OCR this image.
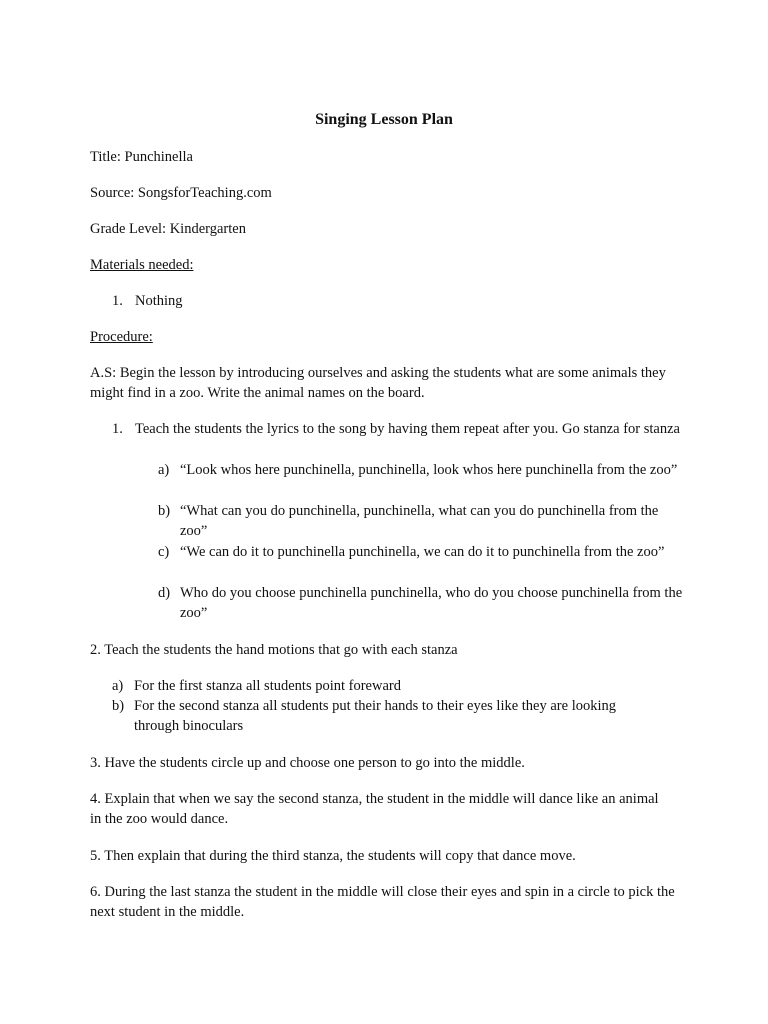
Singing Lesson Plan

Title: Punchinella

Source: SongsforTeaching.com

Grade Level: Kindergarten

Materials needed:

1. Nothing

Procedure:

A.S: Begin the lesson by introducing ourselves and asking the students what are some animals they might find in a zoo. Write the animal names on the board.

1. Teach the students the lyrics to the song by having them repeat after you. Go stanza for stanza
a) “Look whos here punchinella, punchinella, look whos here punchinella from the zoo”
b) “What can you do punchinella, punchinella, what can you do punchinella from the zoo”
c) “We can do it to punchinella punchinella, we can do it to punchinella from the zoo”
d) Who do you choose punchinella punchinella, who do you choose punchinella from the zoo”

2. Teach the students the hand motions that go with each stanza

a) For the first stanza all students point foreward
b) For the second stanza all students put their hands to their eyes like they are looking through binoculars

3. Have the students circle up and choose one person to go into the middle.

4. Explain that when we say the second stanza, the student in the middle will dance like an animal in the zoo would dance.

5. Then explain that during the third stanza, the students will copy that dance move.

6. During the last stanza the student in the middle will close their eyes and spin in a circle to pick the next student in the middle.
